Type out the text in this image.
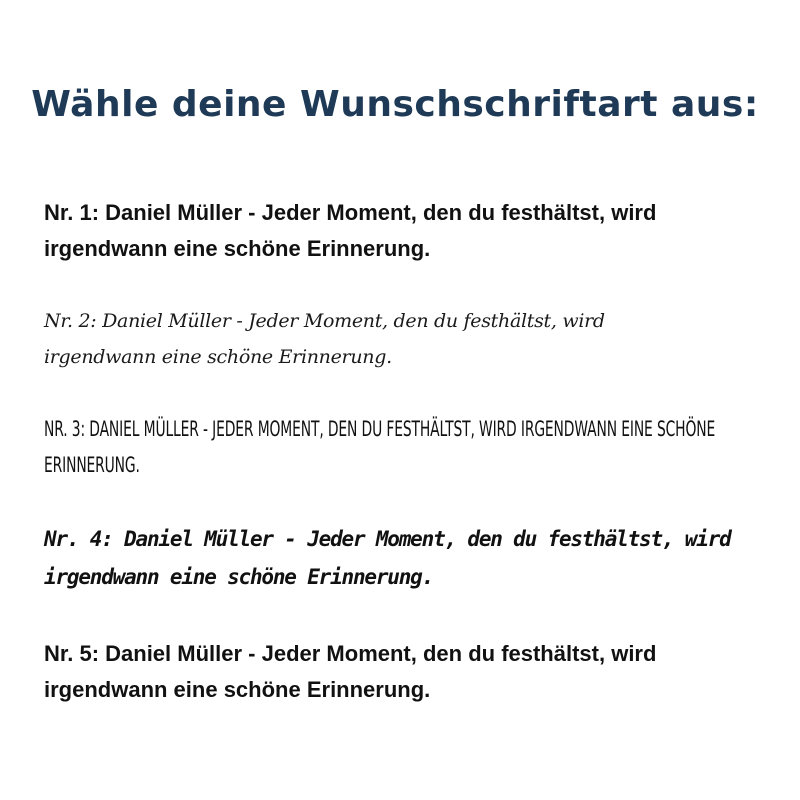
Wähle deine Wunschschriftart aus:

Nr. 1: Daniel Müller - Jeder Moment, den du festhältst, wird irgendwann eine schöne Erinnerung.

Nr. 2: Daniel Müller - Jeder Moment, den du festhältst, wird irgendwann eine schöne Erinnerung.

NR. 3: DANIEL MÜLLER - JEDER MOMENT, DEN DU FESTHÄLTST, WIRD IRGENDWANN EINE SCHÖNE ERINNERUNG.

Nr. 4: Daniel Müller - Jeder Moment, den du festhältst, wird irgendwann eine schöne Erinnerung.

Nr. 5: Daniel Müller - Jeder Moment, den du festhältst, wird irgendwann eine schöne Erinnerung.
